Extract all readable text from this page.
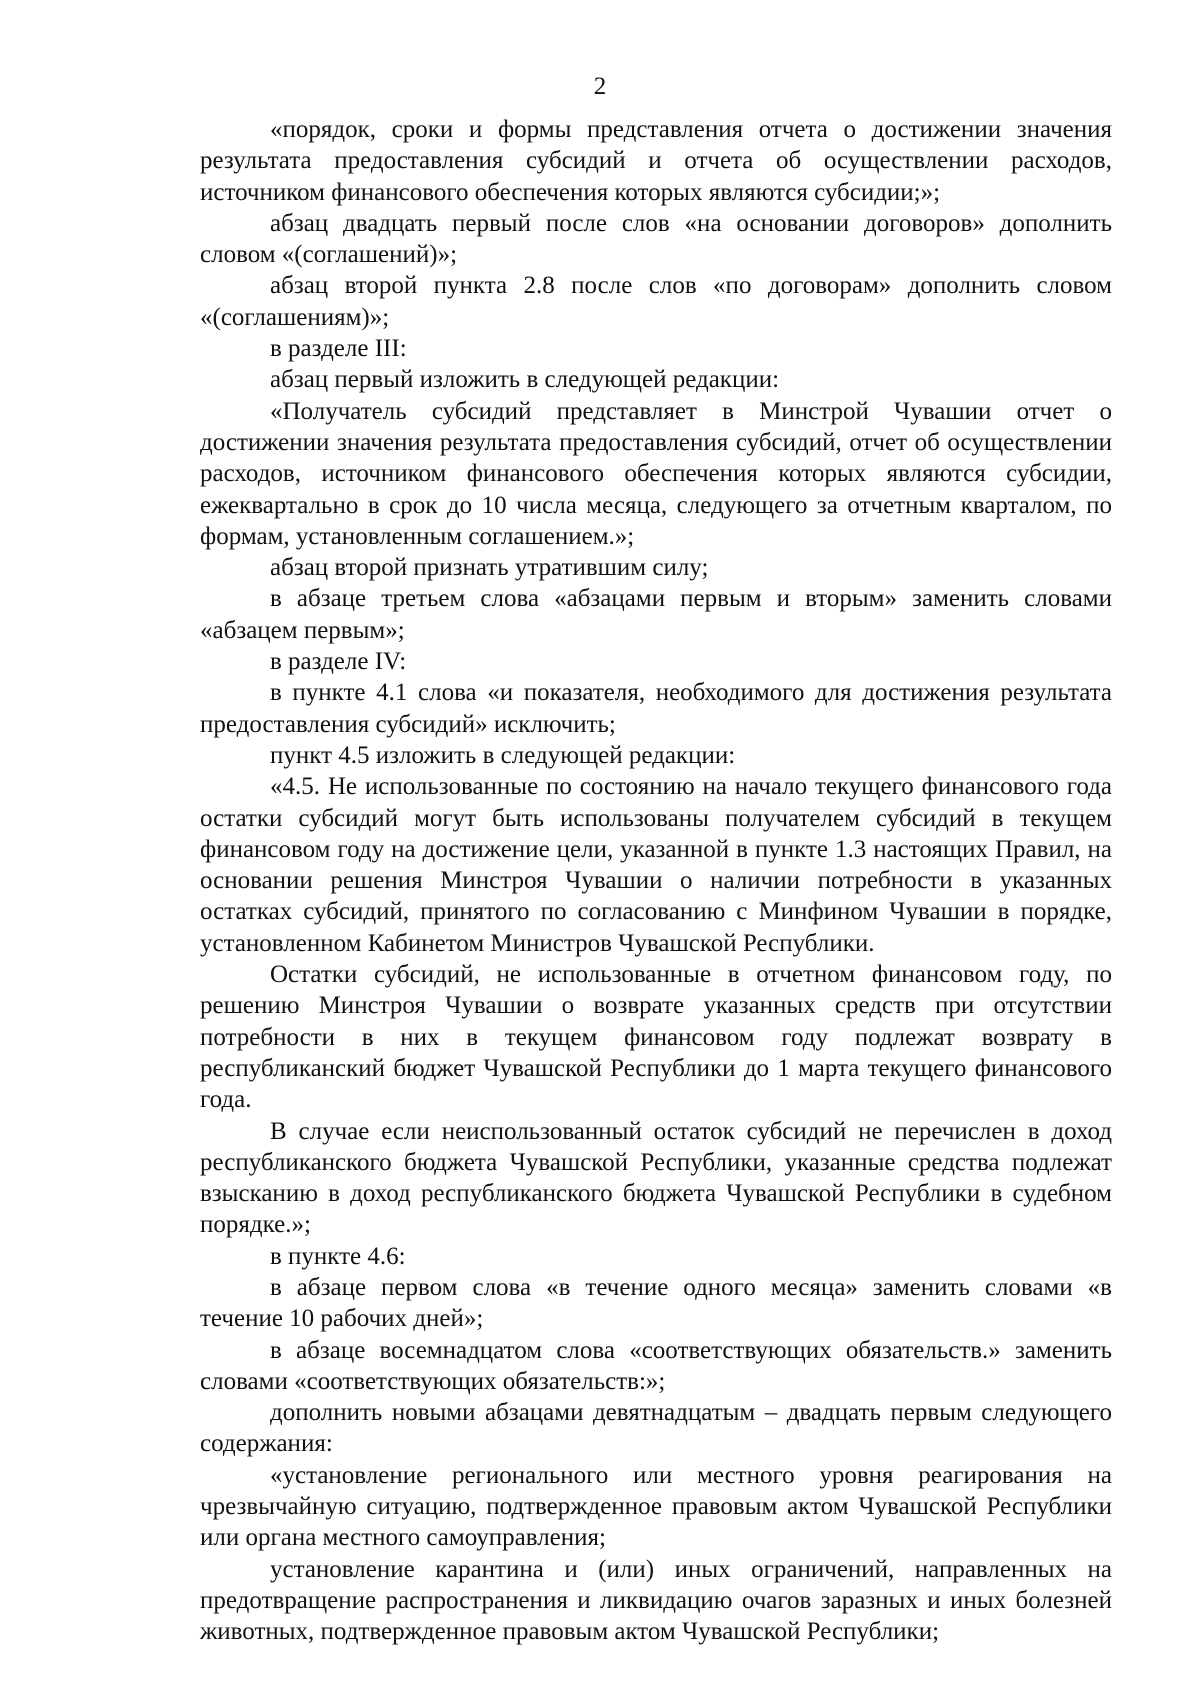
2

«порядок, сроки и формы представления отчета о достижении значения результата предоставления субсидий и отчета об осуществлении расходов, источником финансового обеспечения которых являются субсидии;»;

абзац двадцать первый после слов «на основании договоров» дополнить словом «(соглашений)»;

абзац второй пункта 2.8 после слов «по договорам» дополнить словом «(соглашениям)»;

в разделе III:

абзац первый изложить в следующей редакции:

«Получатель субсидий представляет в Минстрой Чувашии отчет о достижении значения результата предоставления субсидий, отчет об осуществлении расходов, источником финансового обеспечения которых являются субсидии, ежеквартально в срок до 10 числа месяца, следующего за отчетным кварталом, по формам, установленным соглашением.»;

абзац второй признать утратившим силу;

в абзаце третьем слова «абзацами первым и вторым» заменить словами «абзацем первым»;

в разделе IV:

в пункте 4.1 слова «и показателя, необходимого для достижения результата предоставления субсидий» исключить;

пункт 4.5 изложить в следующей редакции:

«4.5. Не использованные по состоянию на начало текущего финансового года остатки субсидий могут быть использованы получателем субсидий в текущем финансовом году на достижение цели, указанной в пункте 1.3 настоящих Правил, на основании решения Минстроя Чувашии о наличии потребности в указанных остатках субсидий, принятого по согласованию с Минфином Чувашии в порядке, установленном Кабинетом Министров Чувашской Республики.

Остатки субсидий, не использованные в отчетном финансовом году, по решению Минстроя Чувашии о возврате указанных средств при отсутствии потребности в них в текущем финансовом году подлежат возврату в республиканский бюджет Чувашской Республики до 1 марта текущего финансового года.

В случае если неиспользованный остаток субсидий не перечислен в доход республиканского бюджета Чувашской Республики, указанные средства подлежат взысканию в доход республиканского бюджета Чувашской Республики в судебном порядке.»;

в пункте 4.6:

в абзаце первом слова «в течение одного месяца» заменить словами «в течение 10 рабочих дней»;

в абзаце восемнадцатом слова «соответствующих обязательств.» заменить словами «соответствующих обязательств:»;

дополнить новыми абзацами девятнадцатым – двадцать первым следующего содержания:

«установление регионального или местного уровня реагирования на чрезвычайную ситуацию, подтвержденное правовым актом Чувашской Республики или органа местного самоуправления;

установление карантина и (или) иных ограничений, направленных на предотвращение распространения и ликвидацию очагов заразных и иных болезней животных, подтвержденное правовым актом Чувашской Республики;
